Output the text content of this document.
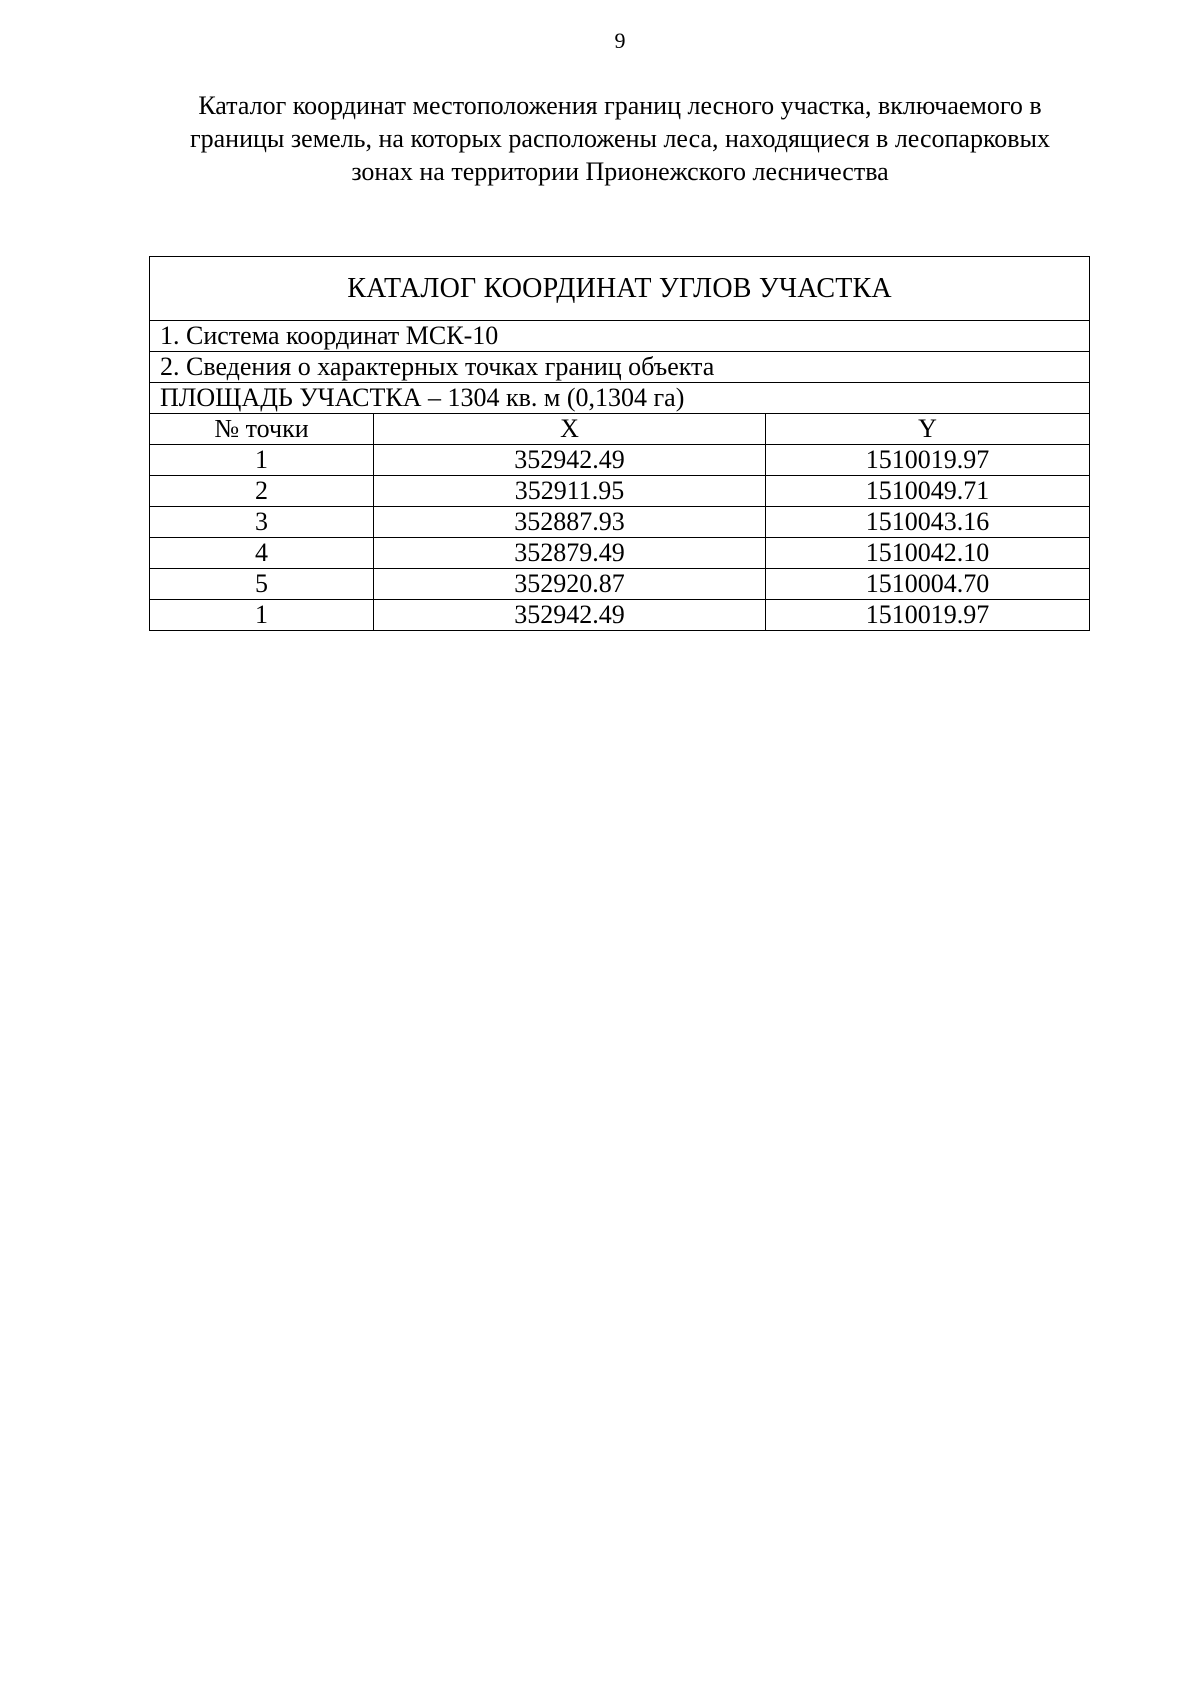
9
Каталог координат местоположения границ лесного участка, включаемого в
границы земель, на которых расположены леса, находящиеся в лесопарковых
зонах на территории Прионежского лесничества
КАТАЛОГ КООРДИНАТ УГЛОВ УЧАСТКА		
1. Система координат МСК-10		
2. Сведения о характерных точках границ объекта		
ПЛОЩАДЬ УЧАСТКА – 1304 кв. м (0,1304 га)		
№ точки	X	Y
1	352942.49	1510019.97
2	352911.95	1510049.71
3	352887.93	1510043.16
4	352879.49	1510042.10
5	352920.87	1510004.70
1	352942.49	1510019.97
